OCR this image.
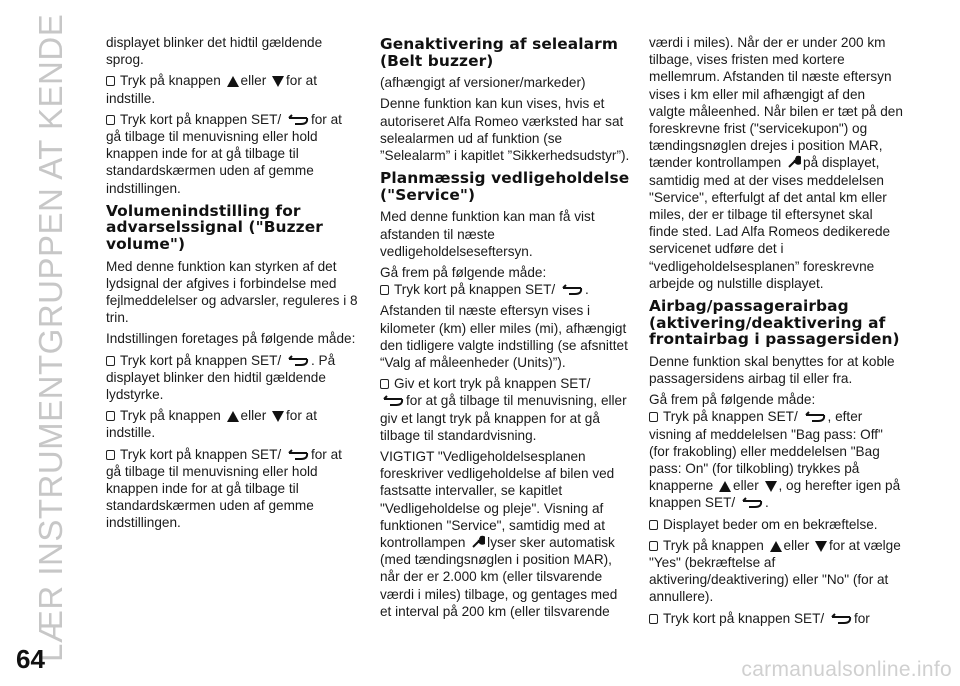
LÆR INSTRUMENTGRUPPEN AT KENDE	displayet blinker det hidtil gældende sprog.

Tryk på knappen eller for at indstille.
Tryk kort på knappen SET/ for at gå tilbage til menuvisning eller hold knappen inde for at gå tilbage til standardskærmen uden af gemme indstillingen.
Volumenindstilling for advarselssignal ("Buzzer volume")

Med denne funktion kan styrken af det lydsignal der afgives i forbindelse med fejlmeddelelser og advarsler, reguleres i 8 trin.

Indstillingen foretages på følgende måde:

Tryk kort på knappen SET/ . På displayet blinker den hidtil gældende lydstyrke.
Tryk på knappen eller for at indstille.
Tryk kort på knappen SET/ for at gå tilbage til menuvisning eller hold knappen inde for at gå tilbage til standardskærmen uden af gemme indstillingen.
Genaktivering af selealarm (Belt buzzer)

(afhængigt af versioner/markeder)

Denne funktion kan kun vises, hvis et autoriseret Alfa Romeo værksted har sat selealarmen ud af funktion (se ”Selealarm” i kapitlet ”Sikkerhedsudstyr”).

Planmæssig vedligeholdelse ("Service")

Med denne funktion kan man få vist afstanden til næste vedligeholdelseseftersyn.

Gå frem på følgende måde:

Tryk kort på knappen SET/ .

Afstanden til næste eftersyn vises i kilometer (km) eller miles (mi), afhængigt den tidligere valgte indstilling (se afsnittet “Valg af måleenheder (Units)”).

Giv et kort tryk på knappen SET/
for at gå tilbage til menuvisning, eller giv et langt tryk på knappen for at gå tilbage til standardvisning.

VIGTIGT "Vedligeholdelsesplanen foreskriver vedligeholdelse af bilen ved fastsatte intervaller, se kapitlet "Vedligeholdelse og pleje". Visning af funktionen "Service", samtidig med at kontrollampen lyser sker automatisk (med tændingsnøglen i position MAR), når der er 2.000 km (eller tilsvarende værdi i miles) tilbage, og gentages med et interval på 200 km (eller tilsvarende

værdi i miles). Når der er under 200 km tilbage, vises fristen med kortere mellemrum. Afstanden til næste eftersyn vises i km eller mil afhængigt af den valgte måleenhed. Når bilen er tæt på den foreskrevne frist ("servicekupon") og tændingsnøglen drejes i position MAR, tænder kontrollampen på displayet, samtidig med at der vises meddelelsen "Service", efterfulgt af det antal km eller miles, der er tilbage til eftersynet skal finde sted. Lad Alfa Romeos dedikerede servicenet udføre det i “vedligeholdelsesplanen” foreskrevne arbejde og nulstille displayet.

Airbag/passagerairbag (aktivering/deaktivering af frontairbag i passagersiden)

Denne funktion skal benyttes for at koble passagersidens airbag til eller fra.

Gå frem på følgende måde:

Tryk på knappen SET/ , efter visning af meddelelsen "Bag pass: Off" (for frakobling) eller meddelelsen "Bag pass: On" (for tilkobling) trykkes på knapperne eller , og herefter igen på knappen SET/ .
Displayet beder om en bekræftelse.
Tryk på knappen eller for at vælge "Yes" (bekræftelse af aktivering/deaktivering) eller "No" (for at annullere).
Tryk kort på knappen SET/ for
64	carmanualsonline.info
